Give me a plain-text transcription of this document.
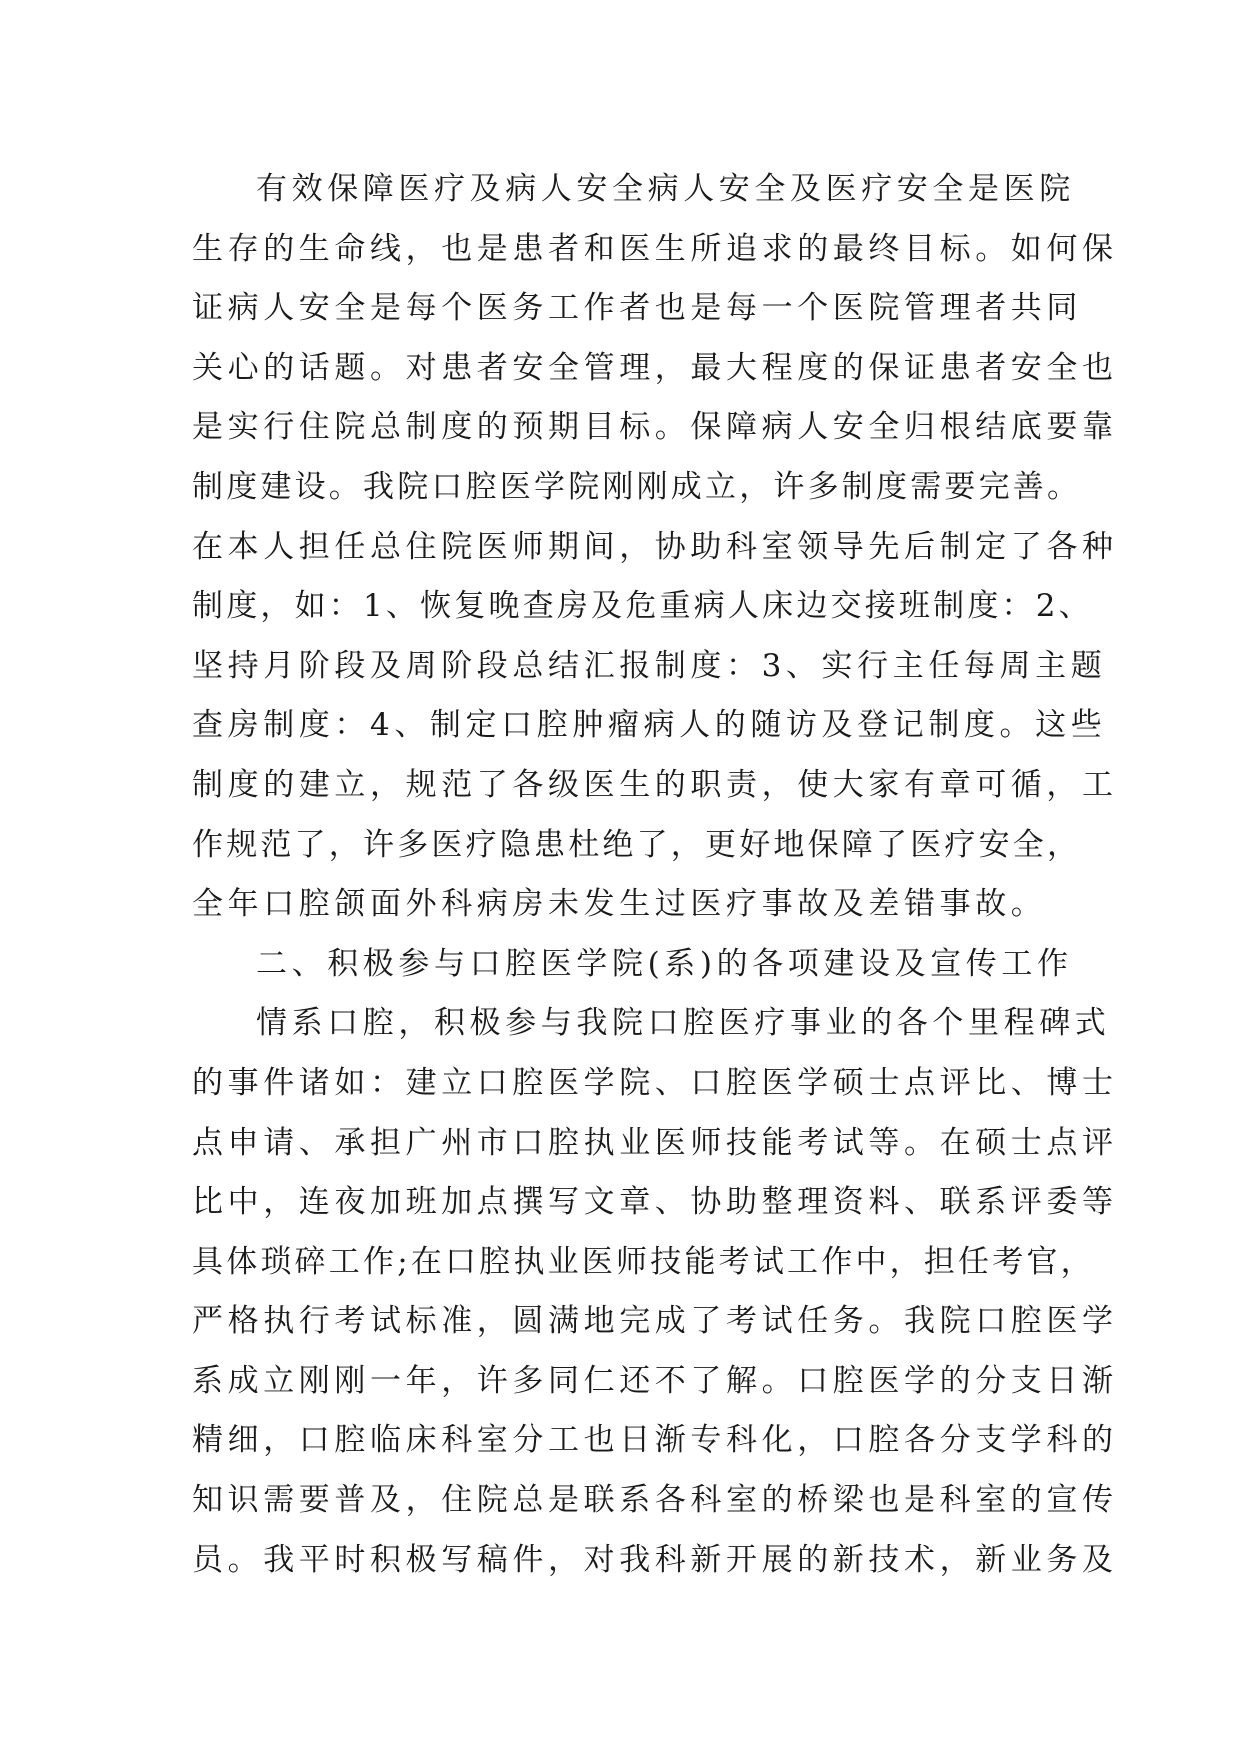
有效保障医疗及病人安全病人安全及医疗安全是医院
生存的生命线，也是患者和医生所追求的最终目标。如何保
证病人安全是每个医务工作者也是每一个医院管理者共同
关心的话题。对患者安全管理，最大程度的保证患者安全也
是实行住院总制度的预期目标。保障病人安全归根结底要靠
制度建设。我院口腔医学院刚刚成立，许多制度需要完善。
在本人担任总住院医师期间，协助科室领导先后制定了各种
制度，如：1、恢复晚查房及危重病人床边交接班制度：2、
坚持月阶段及周阶段总结汇报制度：3、实行主任每周主题
查房制度：4、制定口腔肿瘤病人的随访及登记制度。这些
制度的建立，规范了各级医生的职责，使大家有章可循，工
作规范了，许多医疗隐患杜绝了，更好地保障了医疗安全，
全年口腔颌面外科病房未发生过医疗事故及差错事故。
二、积极参与口腔医学院(系)的各项建设及宣传工作
情系口腔，积极参与我院口腔医疗事业的各个里程碑式
的事件诸如：建立口腔医学院、口腔医学硕士点评比、博士
点申请、承担广州市口腔执业医师技能考试等。在硕士点评
比中，连夜加班加点撰写文章、协助整理资料、联系评委等
具体琐碎工作;在口腔执业医师技能考试工作中，担任考官，
严格执行考试标准，圆满地完成了考试任务。我院口腔医学
系成立刚刚一年，许多同仁还不了解。口腔医学的分支日渐
精细，口腔临床科室分工也日渐专科化，口腔各分支学科的
知识需要普及，住院总是联系各科室的桥梁也是科室的宣传
员。我平时积极写稿件，对我科新开展的新技术，新业务及
